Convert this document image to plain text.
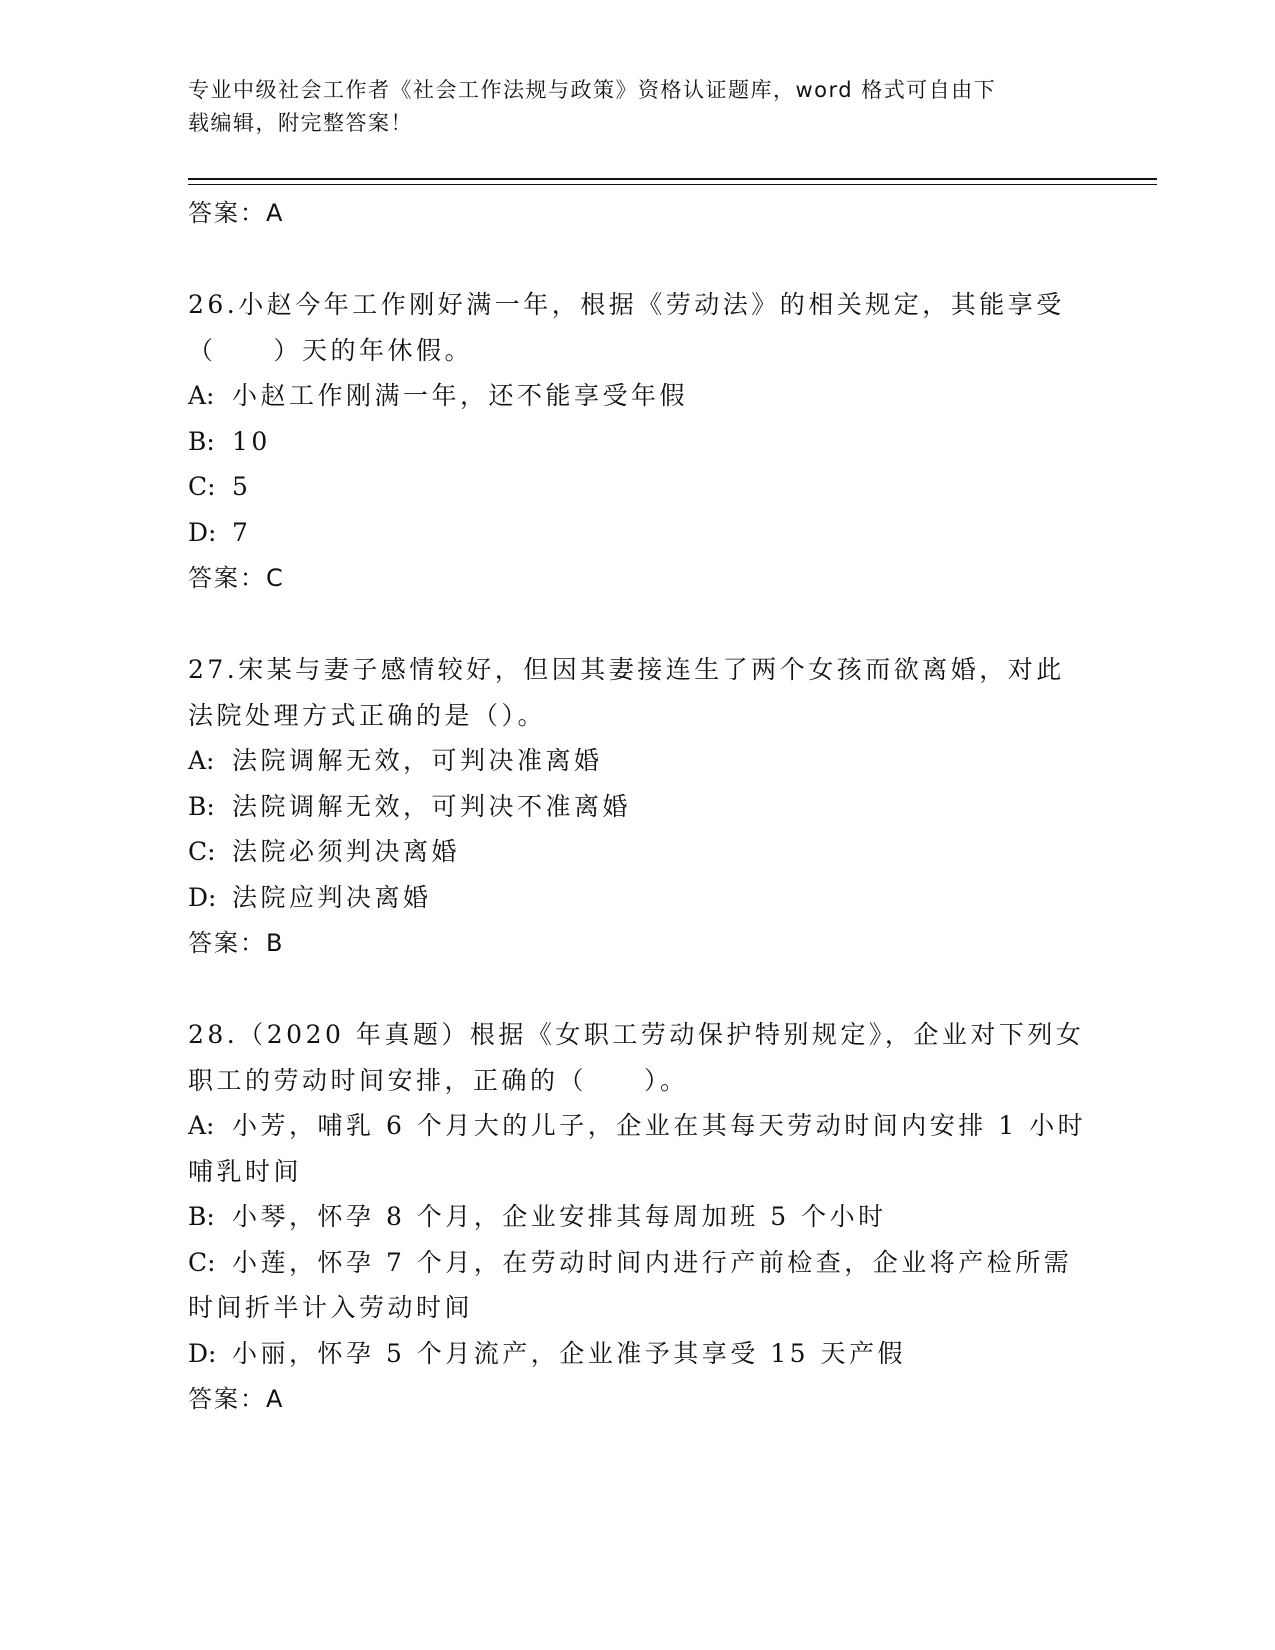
专业中级社会工作者《社会工作法规与政策》资格认证题库，word 格式可自由下
载编辑，附完整答案！
答案：A
26.小赵今年工作刚好满一年，根据《劳动法》的相关规定，其能享受
（　　）天的年休假。
A: 小赵工作刚满一年，还不能享受年假
B: 10
C: 5
D: 7
答案：C
27.宋某与妻子感情较好，但因其妻接连生了两个女孩而欲离婚，对此
法院处理方式正确的是（）。
A: 法院调解无效，可判决准离婚
B: 法院调解无效，可判决不准离婚
C: 法院必须判决离婚
D: 法院应判决离婚
答案：B
28.（2020 年真题）根据《女职工劳动保护特别规定》，企业对下列女
职工的劳动时间安排，正确的（　　）。
A: 小芳，哺乳 6 个月大的儿子，企业在其每天劳动时间内安排 1 小时
哺乳时间
B: 小琴，怀孕 8 个月，企业安排其每周加班 5 个小时
C: 小莲，怀孕 7 个月，在劳动时间内进行产前检查，企业将产检所需
时间折半计入劳动时间
D: 小丽，怀孕 5 个月流产，企业准予其享受 15 天产假
答案：A
